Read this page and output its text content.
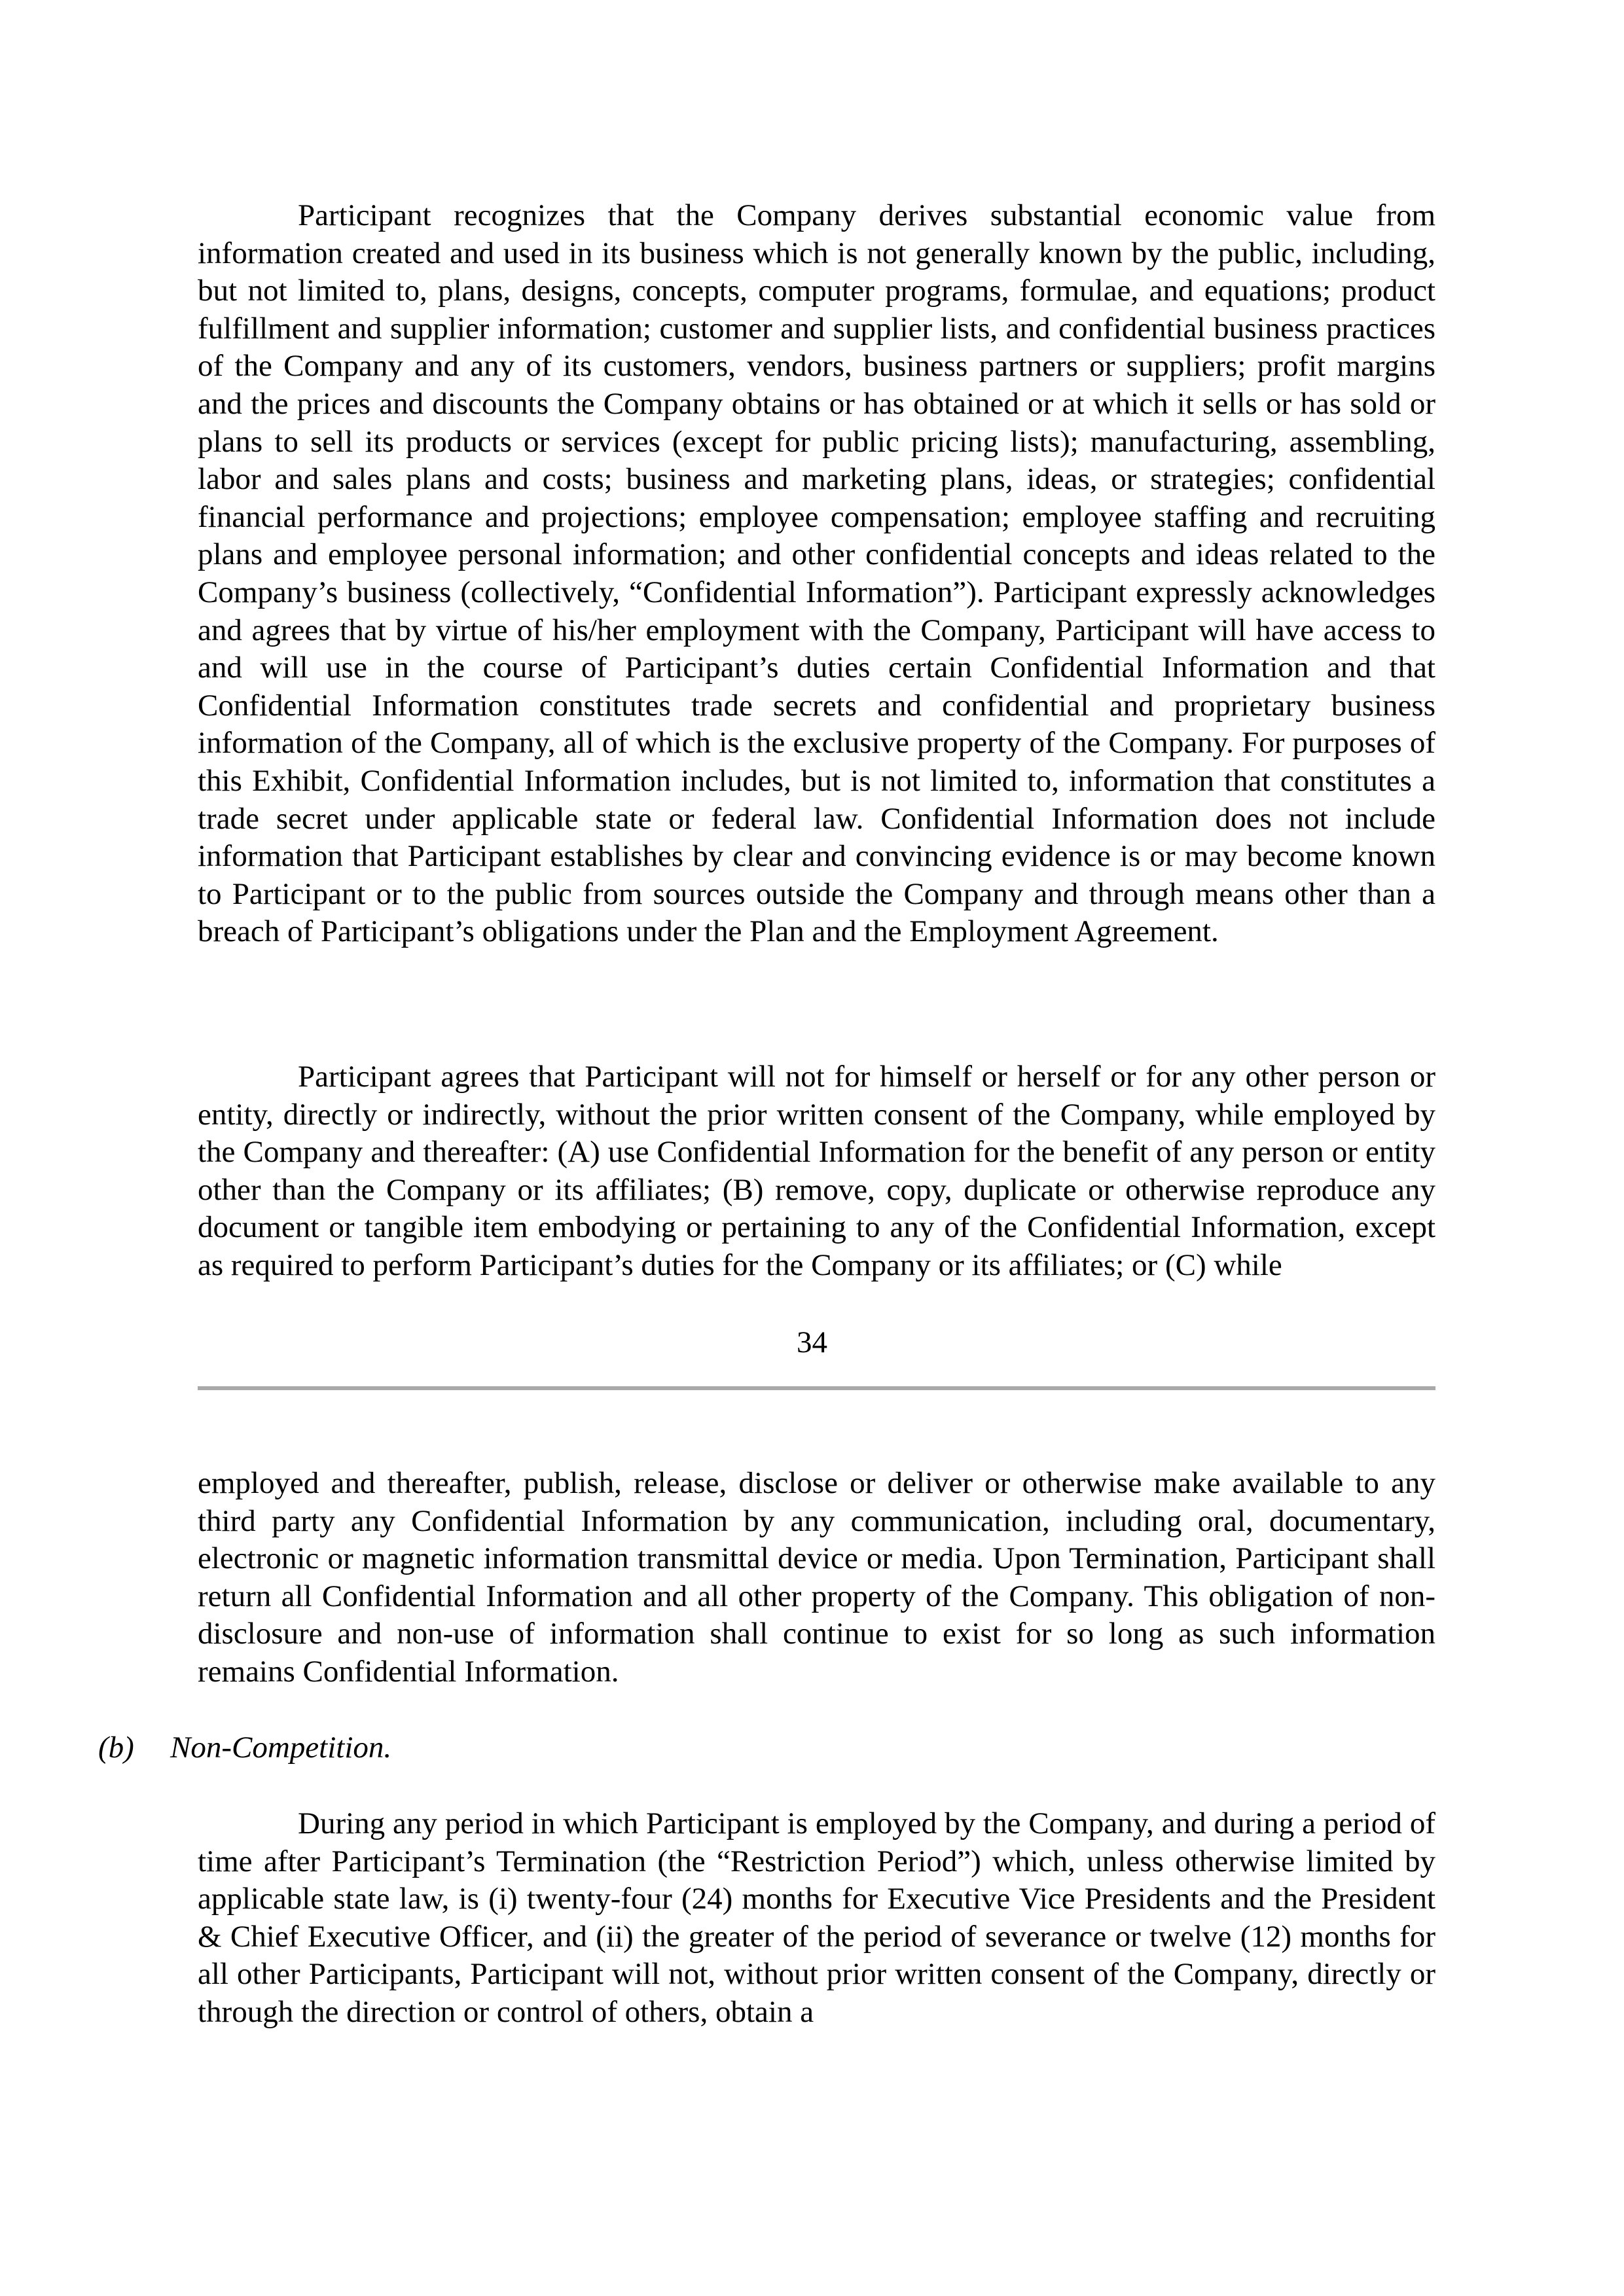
Participant recognizes that the Company derives substantial economic value from information created and used in its business which is not generally known by the public, including, but not limited to, plans, designs, concepts, computer programs, formulae, and equations; product fulfillment and supplier information; customer and supplier lists, and confidential business practices of the Company and any of its customers, vendors, business partners or suppliers; profit margins and the prices and discounts the Company obtains or has obtained or at which it sells or has sold or plans to sell its products or services (except for public pricing lists); manufacturing, assembling, labor and sales plans and costs; business and marketing plans, ideas, or strategies; confidential financial performance and projections; employee compensation; employee staffing and recruiting plans and employee personal information; and other confidential concepts and ideas related to the Company’s business (collectively, “Confidential Information”). Participant expressly acknowledges and agrees that by virtue of his/her employment with the Company, Participant will have access to and will use in the course of Participant’s duties certain Confidential Information and that Confidential Information constitutes trade secrets and confidential and proprietary business information of the Company, all of which is the exclusive property of the Company. For purposes of this Exhibit, Confidential Information includes, but is not limited to, information that constitutes a trade secret under applicable state or federal law. Confidential Information does not include information that Participant establishes by clear and convincing evidence is or may become known to Participant or to the public from sources outside the Company and through means other than a breach of Participant’s obligations under the Plan and the Employment Agreement.

Participant agrees that Participant will not for himself or herself or for any other person or entity, directly or indirectly, without the prior written consent of the Company, while employed by the Company and thereafter: (A) use Confidential Information for the benefit of any person or entity other than the Company or its affiliates; (B) remove, copy, duplicate or otherwise reproduce any document or tangible item embodying or pertaining to any of the Confidential Information, except as required to perform Participant’s duties for the Company or its affiliates; or (C) while

34

employed and thereafter, publish, release, disclose or deliver or otherwise make available to any third party any Confidential Information by any communication, including oral, documentary, electronic or magnetic information transmittal device or media. Upon Termination, Participant shall return all Confidential Information and all other property of the Company. This obligation of non-disclosure and non-use of information shall continue to exist for so long as such information remains Confidential Information.

(b) Non-Competition.

During any period in which Participant is employed by the Company, and during a period of time after Participant’s Termination (the “Restriction Period”) which, unless otherwise limited by applicable state law, is (i) twenty-four (24) months for Executive Vice Presidents and the President & Chief Executive Officer, and (ii) the greater of the period of severance or twelve (12) months for all other Participants, Participant will not, without prior written consent of the Company, directly or through the direction or control of others, obtain a
